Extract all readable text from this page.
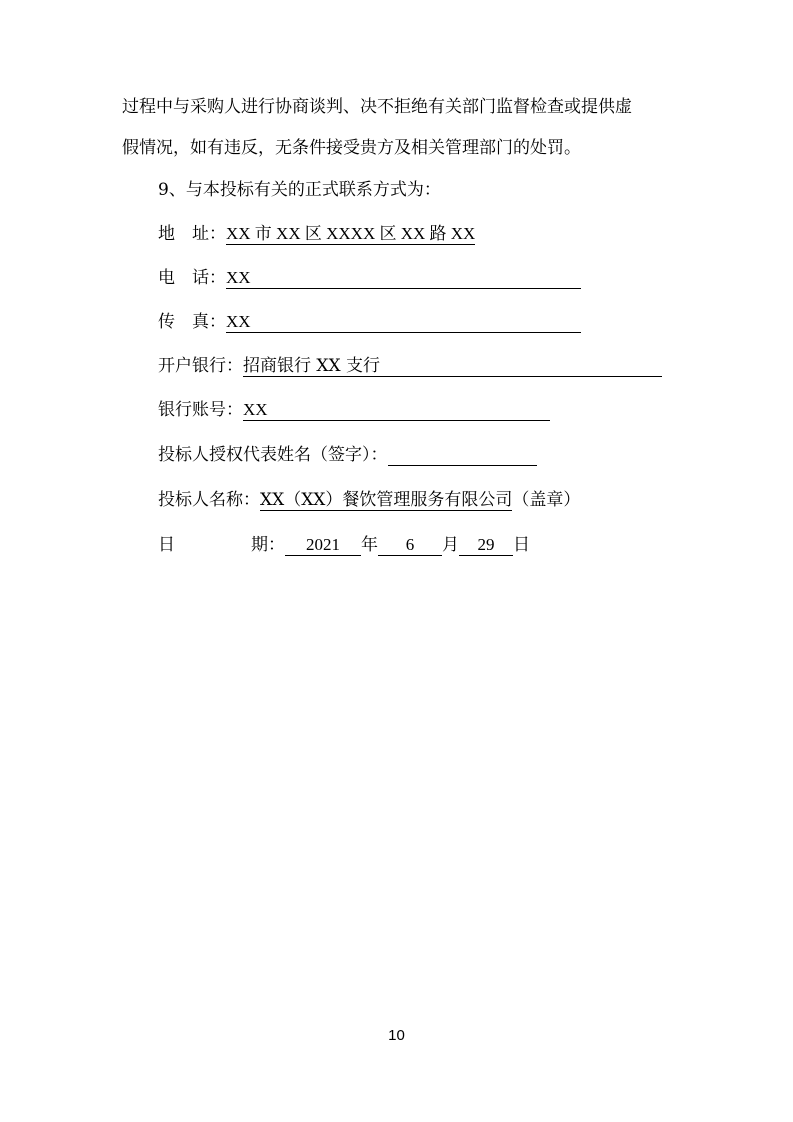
过程中与采购人进行协商谈判、决不拒绝有关部门监督检查或提供虚
假情况，如有违反，无条件接受贵方及相关管理部门的处罚。
9、与本投标有关的正式联系方式为：
地　址：XX 市 XX 区 XXXX 区 XX 路 XX
电　话：XX
传　真：XX
开户银行：招商银行 XX 支行
银行账号：XX
投标人授权代表姓名（签字）：
投标人名称：XX（XX）餐饮管理服务有限公司（盖章）
日	期： 2021 年 6 月 29 日
10
